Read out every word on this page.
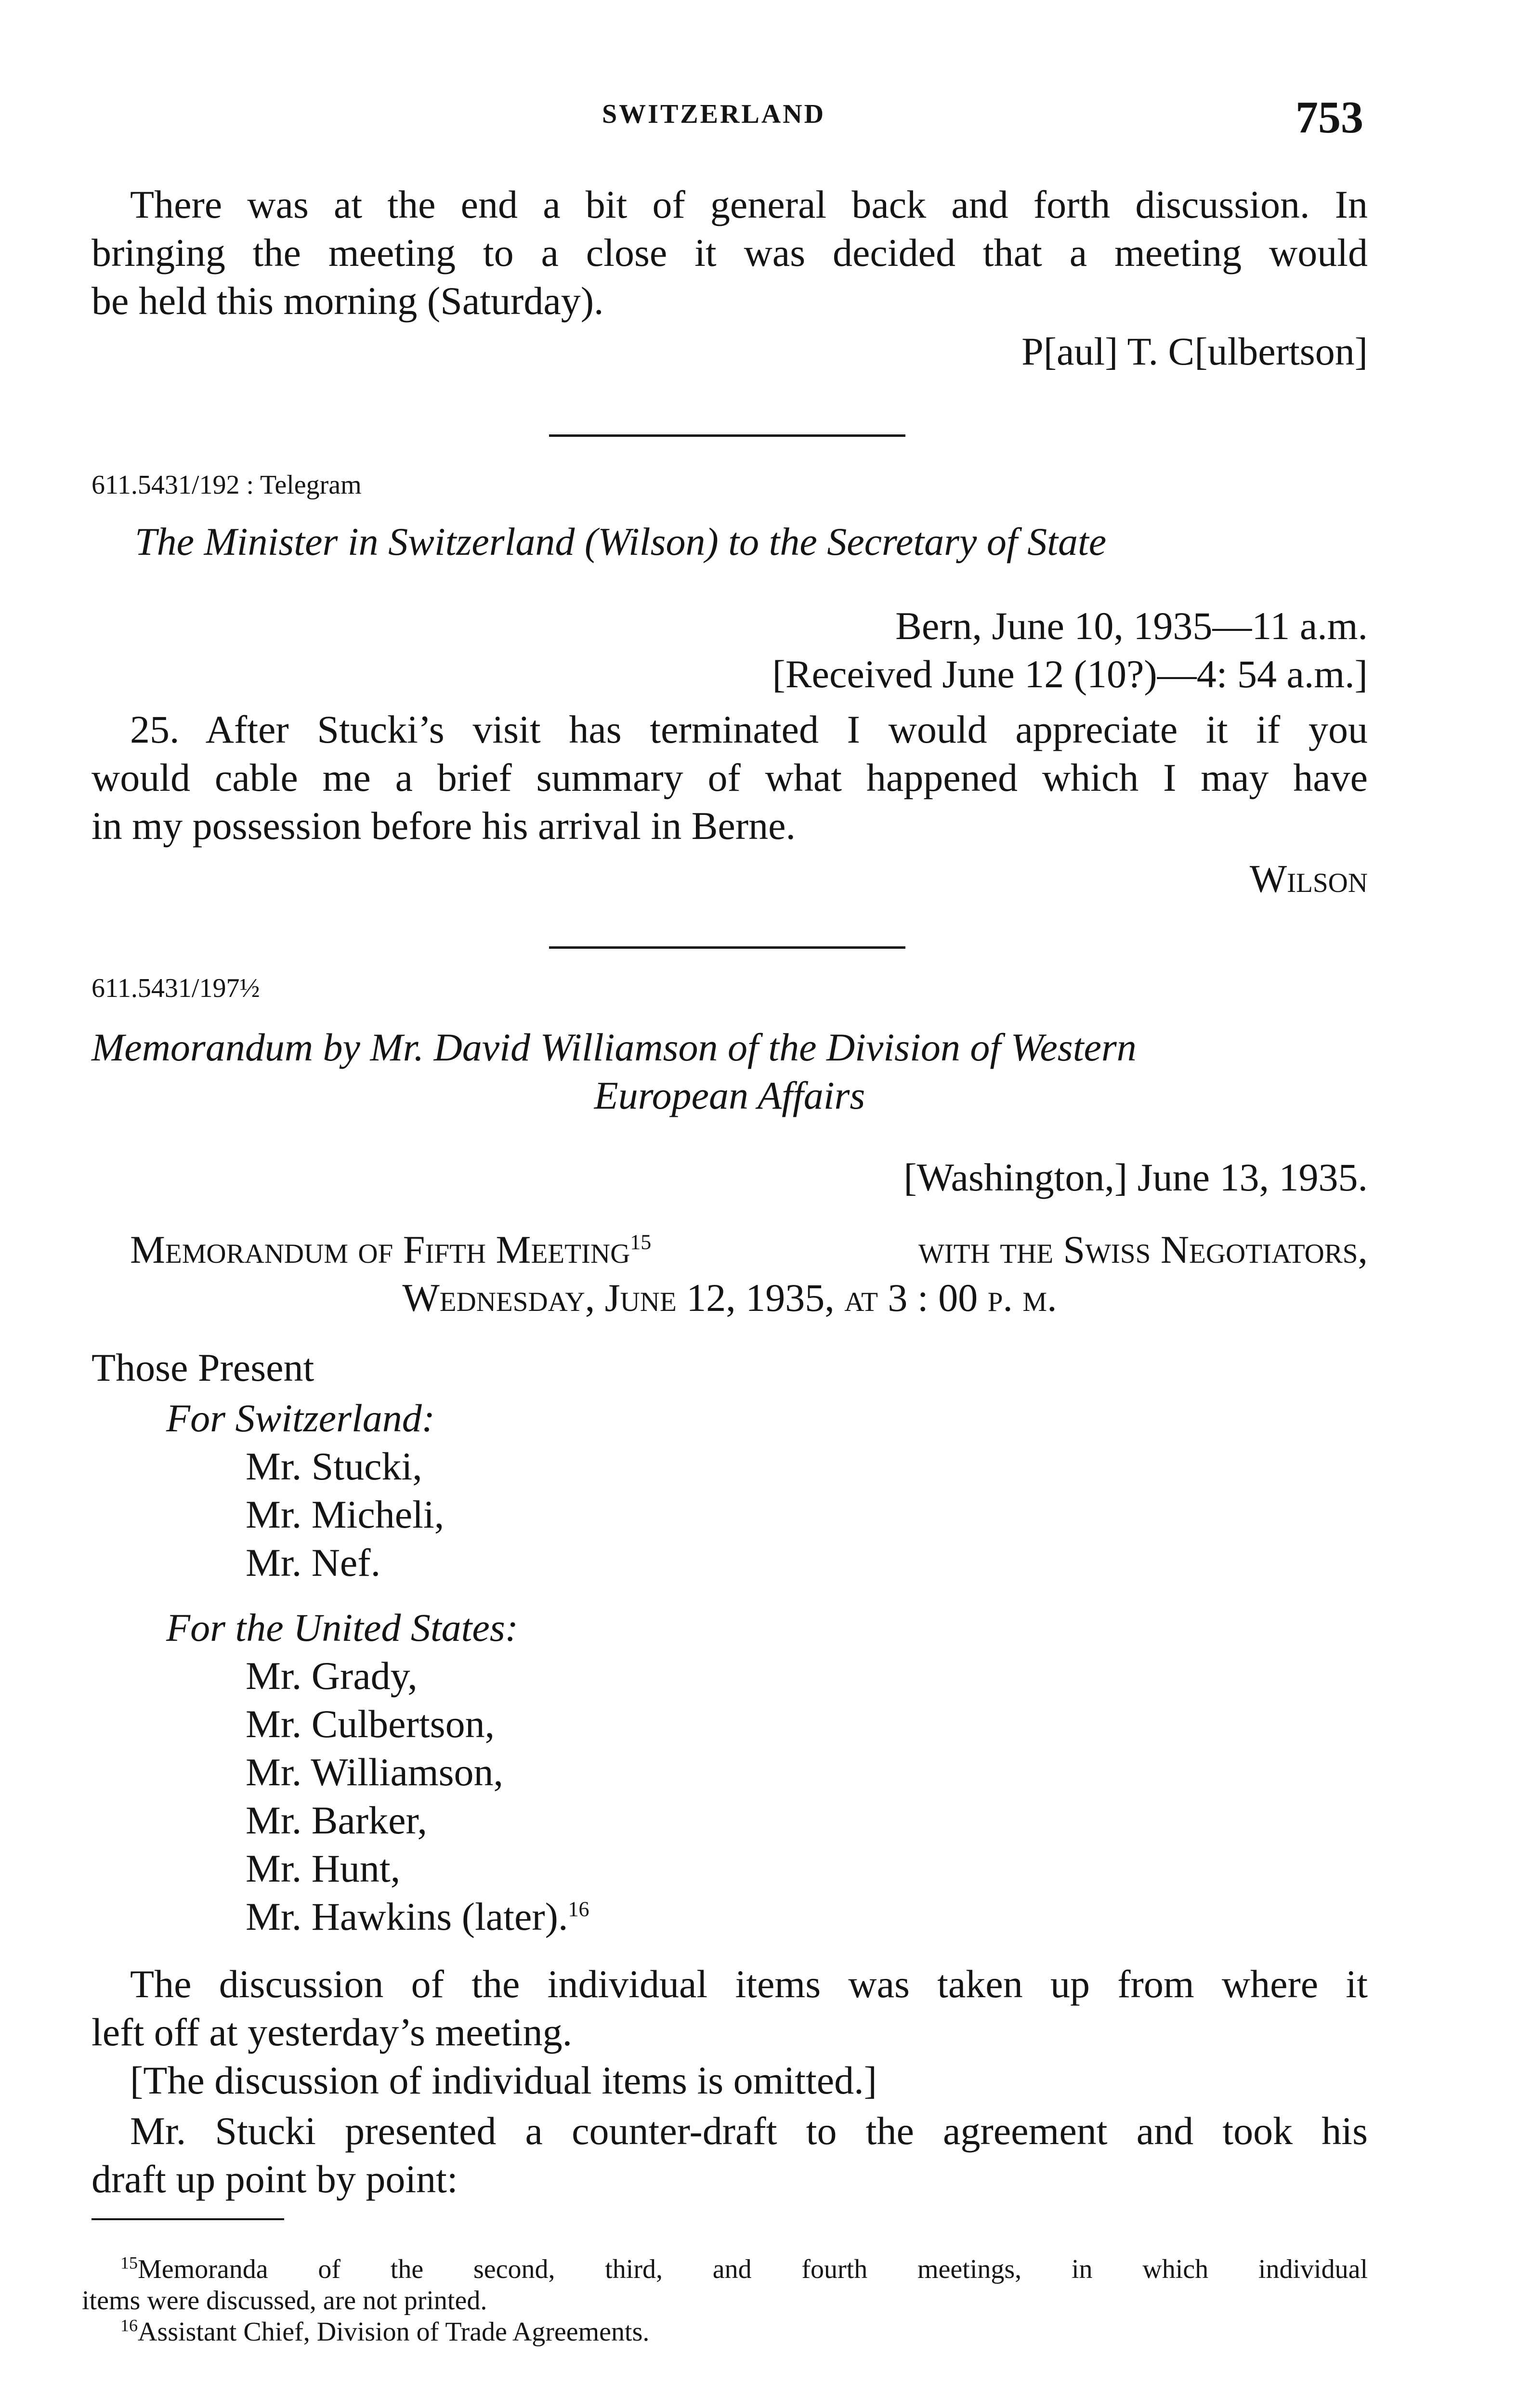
SWITZERLAND	753
There was at the end a bit of general back and forth discussion. In
bringing the meeting to a close it was decided that a meeting would
be held this morning (Saturday).
P[aul] T. C[ulbertson]
611.5431/192 : Telegram
The Minister in Switzerland (Wilson) to the Secretary of State
Bern, June 10, 1935—11 a.m.
[Received June 12 (10?)—4: 54 a.m.]
25. After Stucki’s visit has terminated I would appreciate it if you
would cable me a brief summary of what happened which I may have
in my possession before his arrival in Berne.
Wilson
611.5431/197½
Memorandum by Mr. David Williamson of the Division of Western
European Affairs
[Washington,] June 13, 1935.
Memorandum of Fifth Meeting$^{15}$	with the Swiss Negotiators,
Wednesday, June 12, 1935, at 3 : 00 p. m.
Those Present
For Switzerland:
Mr. Stucki,
Mr. Micheli,
Mr. Nef.
For the United States:
Mr. Grady,
Mr. Culbertson,
Mr. Williamson,
Mr. Barker,
Mr. Hunt,
Mr. Hawkins (later).$^{16}$
The discussion of the individual items was taken up from where it
left off at yesterday’s meeting.
[The discussion of individual items is omitted.]
Mr. Stucki presented a counter-draft to the agreement and took his
draft up point by point:
$^{15}$Memoranda of the second, third, and fourth meetings, in which individual
items were discussed, are not printed.
$^{16}$Assistant Chief, Division of Trade Agreements.
